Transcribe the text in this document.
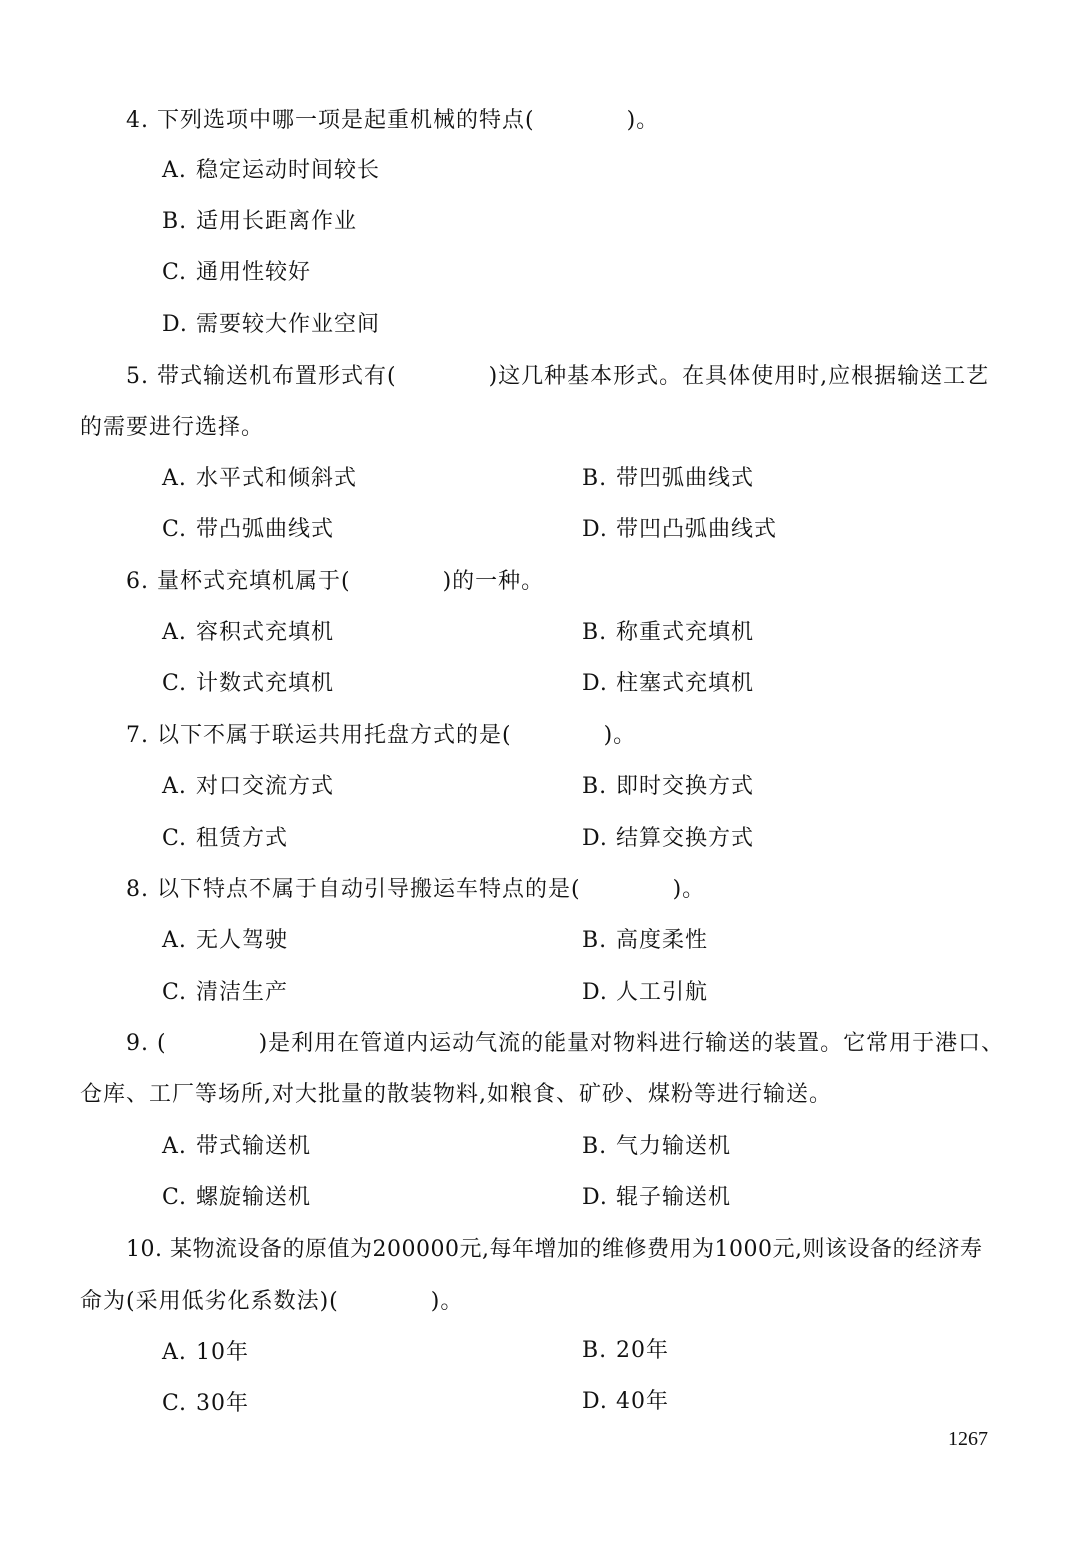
4. 下列选项中哪一项是起重机械的特点(　　　　)。
A. 稳定运动时间较长
B. 适用长距离作业
C. 通用性较好
D. 需要较大作业空间
5. 带式输送机布置形式有(　　　　)这几种基本形式。在具体使用时,应根据输送工艺
的需要进行选择。
A. 水平式和倾斜式	B. 带凹弧曲线式
C. 带凸弧曲线式	D. 带凹凸弧曲线式
6. 量杯式充填机属于(　　　　)的一种。
A. 容积式充填机	B. 称重式充填机
C. 计数式充填机	D. 柱塞式充填机
7. 以下不属于联运共用托盘方式的是(　　　　)。
A. 对口交流方式	B. 即时交换方式
C. 租赁方式	D. 结算交换方式
8. 以下特点不属于自动引导搬运车特点的是(　　　　)。
A. 无人驾驶	B. 高度柔性
C. 清洁生产	D. 人工引航
9. (　　　　)是利用在管道内运动气流的能量对物料进行输送的装置。它常用于港口、
仓库、工厂等场所,对大批量的散装物料,如粮食、矿砂、煤粉等进行输送。
A. 带式输送机	B. 气力输送机
C. 螺旋输送机	D. 辊子输送机
10. 某物流设备的原值为200000元,每年增加的维修费用为1000元,则该设备的经济寿
命为(采用低劣化系数法)(　　　　)。
A. 10年	B. 20年
C. 30年	D. 40年
1267
